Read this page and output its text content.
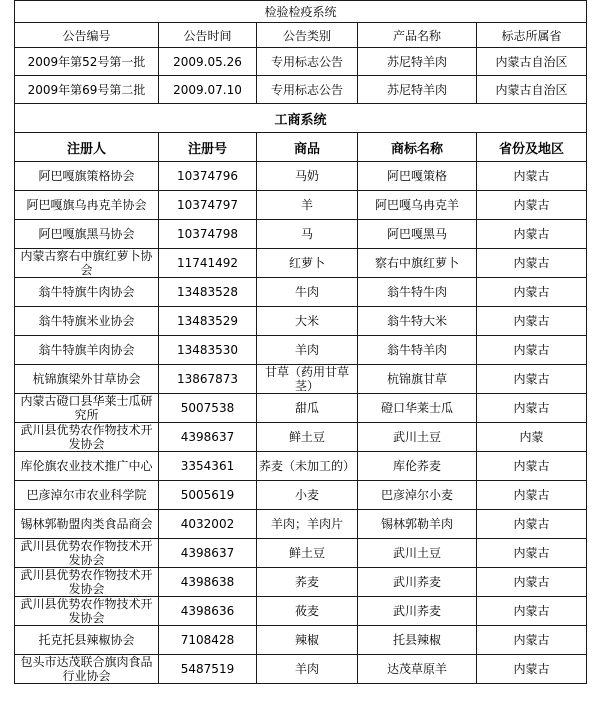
检验检疫系统				
公告编号	公告时间	公告类别	产品名称	标志所属省
2009年第52号第一批	2009.05.26	专用标志公告	苏尼特羊肉	内蒙古自治区
2009年第69号第二批	2009.07.10	专用标志公告	苏尼特羊肉	内蒙古自治区
工商系统				
注册人	注册号	商品	商标名称	省份及地区
阿巴嘎旗策格协会	10374796	马奶	阿巴嘎策格	内蒙古
阿巴嘎旗乌冉克羊协会	10374797	羊	阿巴嘎乌冉克羊	内蒙古
阿巴嘎旗黑马协会	10374798	马	阿巴嘎黑马	内蒙古
内蒙古察右中旗红萝卜协会	11741492	红萝卜	察右中旗红萝卜	内蒙古
翁牛特旗牛肉协会	13483528	牛肉	翁牛特牛肉	内蒙古
翁牛特旗米业协会	13483529	大米	翁牛特大米	内蒙古
翁牛特旗羊肉协会	13483530	羊肉	翁牛特羊肉	内蒙古
杭锦旗梁外甘草协会	13867873	甘草（药用甘草茎）	杭锦旗甘草	内蒙古
内蒙古磴口县华莱士瓜研究所	5007538	甜瓜	磴口华莱士瓜	内蒙古
武川县优势农作物技术开发协会	4398637	鲜土豆	武川土豆	内蒙
库伦旗农业技术推广中心	3354361	荞麦（未加工的）	库伦荞麦	内蒙古
巴彦淖尔市农业科学院	5005619	小麦	巴彦淖尔小麦	内蒙古
锡林郭勒盟肉类食品商会	4032002	羊肉；羊肉片	锡林郭勒羊肉	内蒙古
武川县优势农作物技术开发协会	4398637	鲜土豆	武川土豆	内蒙古
武川县优势农作物技术开发协会	4398638	荞麦	武川荞麦	内蒙古
武川县优势农作物技术开发协会	4398636	莜麦	武川荞麦	内蒙古
托克托县辣椒协会	7108428	辣椒	托县辣椒	内蒙古
包头市达茂联合旗肉食品行业协会	5487519	羊肉	达茂草原羊	内蒙古
